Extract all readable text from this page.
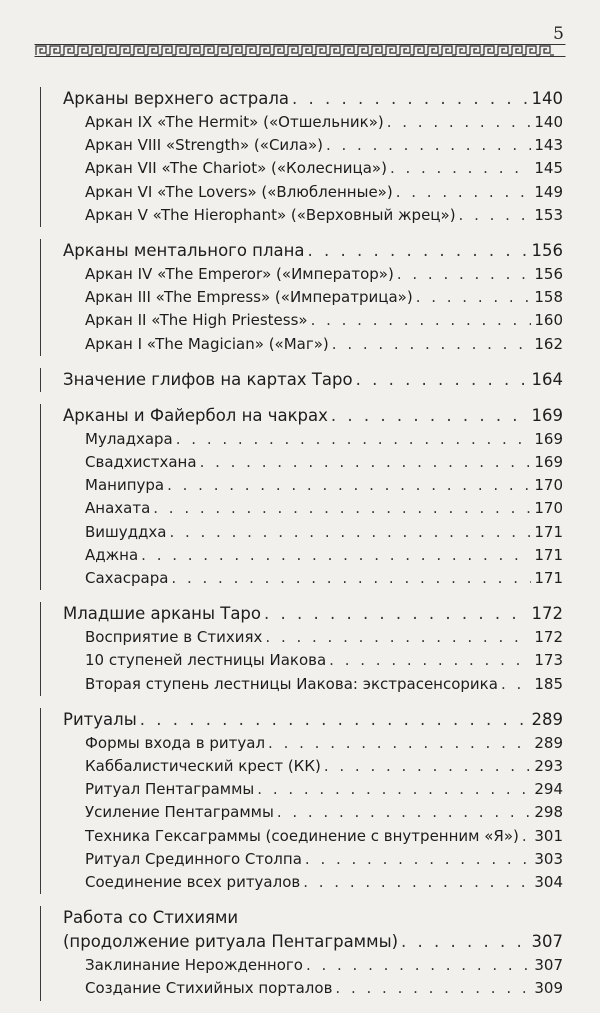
5
Арканы верхнего астрала . . .	140
Аркан IX «The Hermit» («Отшельник») . . .	140
Аркан VIII «Strength» («Сила») . . .	143
Аркан VII «The Chariot» («Колесница») . . .	145
Аркан VI «The Lovers» («Влюбленные») . . .	149
Аркан V «The Hierophant» («Верховный жрец») . . .	153
Арканы ментального плана . . .	156
Аркан IV «The Emperor» («Император») . . .	156
Аркан III «The Empress» («Императрица») . . .	158
Аркан II «The High Priestess» . . .	160
Аркан I «The Magician» («Маг») . . .	162
Значение глифов на картах Таро . . .	164
Арканы и Файербол на чакрах . . .	169
Муладхара . . .	169
Свадхистхана . . .	169
Манипура . . .	170
Анахата . . .	170
Вишуддха . . .	171
Аджна . . .	171
Сахасрара . . .	171
Младшие арканы Таро . . .	172
Восприятие в Стихиях . . .	172
10 ступеней лестницы Иакова . . .	173
Вторая ступень лестницы Иакова: экстрасенсорика . . . 185
Ритуалы . . .	289
Формы входа в ритуал . . .	289
Каббалистический крест (КК) . . .	293
Ритуал Пентаграммы . . .	294
Усиление Пентаграммы . . .	298
Техника Гексаграммы (соединение с внутренним «Я») . . . 301
Ритуал Срединного Столпа . . .	303
Соединение всех ритуалов . . .	304
Работа со Стихиями
(продолжение ритуала Пентаграммы) . . .	307
Заклинание Нерожденного . . .	307
Создание Стихийных порталов . . .	309
